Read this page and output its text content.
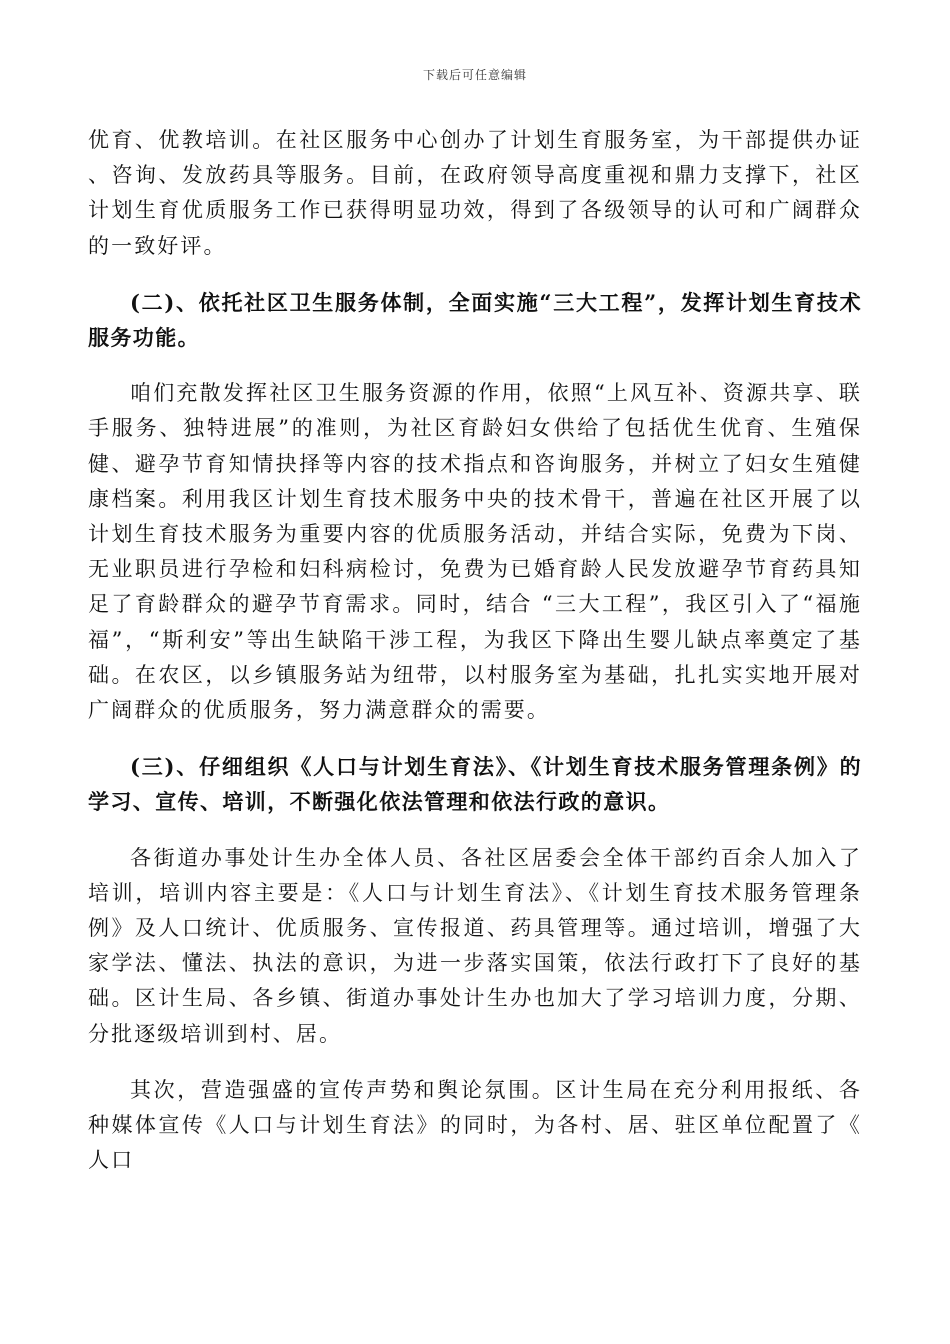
下载后可任意编辑

优育、优教培训。在社区服务中心创办了计划生育服务室，为干部提供办证、咨询、发放药具等服务。目前，在政府领导高度重视和鼎力支撑下，社区计划生育优质服务工作已获得明显功效，得到了各级领导的认可和广阔群众的一致好评。

(二)、依托社区卫生服务体制，全面实施“三大工程”，发挥计划生育技术服务功能。

咱们充散发挥社区卫生服务资源的作用，依照“上风互补、资源共享、联手服务、独特进展”的准则，为社区育龄妇女供给了包括优生优育、生殖保健、避孕节育知情抉择等内容的技术指点和咨询服务，并树立了妇女生殖健康档案。利用我区计划生育技术服务中央的技术骨干，普遍在社区开展了以计划生育技术服务为重要内容的优质服务活动，并结合实际，免费为下岗、无业职员进行孕检和妇科病检讨，免费为已婚育龄人民发放避孕节育药具知足了育龄群众的避孕节育需求。同时，结合 “三大工程”，我区引入了“福施福”，“斯利安”等出生缺陷干涉工程，为我区下降出生婴儿缺点率奠定了基础。在农区，以乡镇服务站为纽带，以村服务室为基础，扎扎实实地开展对广阔群众的优质服务，努力满意群众的需要。

(三)、仔细组织《人口与计划生育法》、《计划生育技术服务管理条例》的学习、宣传、培训，不断强化依法管理和依法行政的意识。

各街道办事处计生办全体人员、各社区居委会全体干部约百余人加入了培训，培训内容主要是：《人口与计划生育法》、《计划生育技术服务管理条例》及人口统计、优质服务、宣传报道、药具管理等。通过培训，增强了大家学法、懂法、执法的意识，为进一步落实国策，依法行政打下了良好的基础。区计生局、各乡镇、街道办事处计生办也加大了学习培训力度，分期、分批逐级培训到村、居。

其次，营造强盛的宣传声势和舆论氛围。区计生局在充分利用报纸、各种媒体宣传《人口与计划生育法》的同时，为各村、居、驻区单位配置了《人口
